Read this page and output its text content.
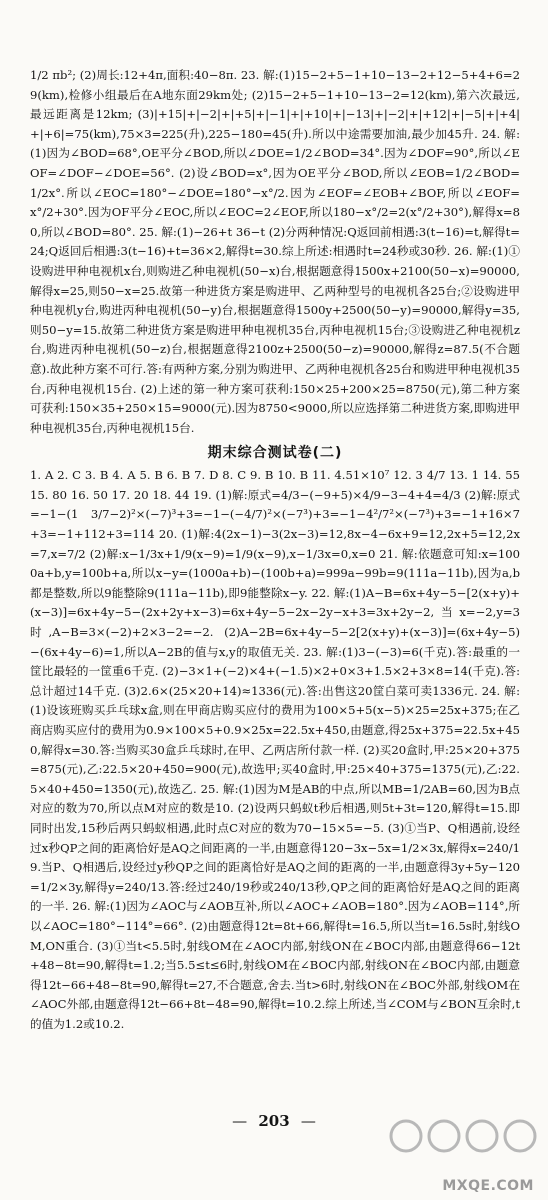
1/2 πb²; (2)周长:12+4π,面积:40−8π. 23. 解:(1)15−2+5−1+10−13−2+12−5+4+6=29(km),检修小组最后在A地东面29km处; (2)15−2+5−1+10−13−2=12(km),第六次最远,最远距离是12km; (3)|+15|+|−2|+|+5|+|−1|+|+10|+|−13|+|−2|+|+12|+|−5|+|+4|+|+6|=75(km),75×3=225(升),225−180=45(升).所以中途需要加油,最少加45升. 24. 解:(1)因为∠BOD=68°,OE平分∠BOD,所以∠DOE=1/2∠BOD=34°.因为∠DOF=90°,所以∠EOF=∠DOF−∠DOE=56°. (2)设∠BOD=x°,因为OE平分∠BOD,所以∠EOB=1/2∠BOD=1/2x°.所以∠EOC=180°−∠DOE=180°−x°/2.因为∠EOF=∠EOB+∠BOF,所以∠EOF=x°/2+30°.因为OF平分∠EOC,所以∠EOC=2∠EOF,所以180−x°/2=2(x°/2+30°),解得x=80,所以∠BOD=80°. 25. 解:(1)−26+t 36−t (2)分两种情况:Q返回前相遇:3(t−16)=t,解得t=24;Q返回后相遇:3(t−16)+t=36×2,解得t=30.综上所述:相遇时t=24秒或30秒. 26. 解:(1)①设购进甲种电视机x台,则购进乙种电视机(50−x)台,根据题意得1500x+2100(50−x)=90000,解得x=25,则50−x=25.故第一种进货方案是购进甲、乙两种型号的电视机各25台;②设购进甲种电视机y台,购进丙种电视机(50−y)台,根据题意得1500y+2500(50−y)=90000,解得y=35,则50−y=15.故第二种进货方案是购进甲种电视机35台,丙种电视机15台;③设购进乙种电视机z台,购进丙种电视机(50−z)台,根据题意得2100z+2500(50−z)=90000,解得z=87.5(不合题意).故此种方案不可行.答:有两种方案,分别为购进甲、乙两种电视机各25台和购进甲种电视机35台,丙种电视机15台. (2)上述的第一种方案可获利:150×25+200×25=8750(元),第二种方案可获利:150×35+250×15=9000(元).因为8750<9000,所以应选择第二种进货方案,即购进甲种电视机35台,丙种电视机15台.

期末综合测试卷(二)

1. A 2. C 3. B 4. A 5. B 6. B 7. D 8. C 9. B 10. B 11. 4.51×10⁷ 12. 3 4/7 13. 1 14. 55 15. 80 16. 50 17. 20 18. 44 19. (1)解:原式=4/3−(−9+5)×4/9−3−4+4=4/3 (2)解:原式=−1−(1 3/7−2)²×(−7)³+3=−1−(−4/7)²×(−7³)+3=−1−4²/7²×(−7³)+3=−1+16×7+3=−1+112+3=114 20. (1)解:4(2x−1)−3(2x−3)=12,8x−4−6x+9=12,2x+5=12,2x=7,x=7/2 (2)解:x−1/3x+1/9(x−9)=1/9(x−9),x−1/3x=0,x=0 21. 解:依题意可知:x=1000a+b,y=100b+a,所以x−y=(1000a+b)−(100b+a)=999a−99b=9(111a−11b),因为a,b都是整数,所以9能整除9(111a−11b),即9能整除x−y. 22. 解:(1)A−B=6x+4y−5−[2(x+y)+(x−3)]=6x+4y−5−(2x+2y+x−3)=6x+4y−5−2x−2y−x+3=3x+2y−2,当x=−2,y=3时,A−B=3×(−2)+2×3−2=−2. (2)A−2B=6x+4y−5−2[2(x+y)+(x−3)]=(6x+4y−5)−(6x+4y−6)=1,所以A−2B的值与x,y的取值无关. 23. 解:(1)3−(−3)=6(千克).答:最重的一筐比最轻的一筐重6千克. (2)−3×1+(−2)×4+(−1.5)×2+0×3+1.5×2+3×8=14(千克).答:总计超过14千克. (3)2.6×(25×20+14)≈1336(元).答:出售这20筐白菜可卖1336元. 24. 解:(1)设该班购买乒乓球x盒,则在甲商店购买应付的费用为100×5+5(x−5)×25=25x+375;在乙商店购买应付的费用为0.9×100×5+0.9×25x=22.5x+450,由题意,得25x+375=22.5x+450,解得x=30.答:当购买30盒乒乓球时,在甲、乙两店所付款一样. (2)买20盒时,甲:25×20+375=875(元),乙:22.5×20+450=900(元),故选甲;买40盒时,甲:25×40+375=1375(元),乙:22.5×40+450=1350(元),故选乙. 25. 解:(1)因为M是AB的中点,所以MB=1/2AB=60,因为B点对应的数为70,所以点M对应的数是10. (2)设两只蚂蚁t秒后相遇,则5t+3t=120,解得t=15.即同时出发,15秒后两只蚂蚁相遇,此时点C对应的数为70−15×5=−5. (3)①当P、Q相遇前,设经过x秒QP之间的距离恰好是AQ之间距离的一半,由题意得120−3x−5x=1/2×3x,解得x=240/19.当P、Q相遇后,设经过y秒QP之间的距离恰好是AQ之间的距离的一半,由题意得3y+5y−120=1/2×3y,解得y=240/13.答:经过240/19秒或240/13秒,QP之间的距离恰好是AQ之间的距离的一半. 26. 解:(1)因为∠AOC与∠AOB互补,所以∠AOC+∠AOB=180°.因为∠AOB=114°,所以∠AOC=180°−114°=66°. (2)由题意得12t=8t+66,解得t=16.5,所以当t=16.5s时,射线OM,ON重合. (3)①当t<5.5时,射线OM在∠AOC内部,射线ON在∠BOC内部,由题意得66−12t+48−8t=90,解得t=1.2;当5.5≤t≤6时,射线OM在∠BOC内部,射线ON在∠BOC内部,由题意得12t−66+48−8t=90,解得t=27,不合题意,舍去.当t>6时,射线ON在∠BOC外部,射线OM在∠AOC外部,由题意得12t−66+8t−48=90,解得t=10.2.综上所述,当∠COM与∠BON互余时,t的值为1.2或10.2.

— 203 —
MXQE.COM
